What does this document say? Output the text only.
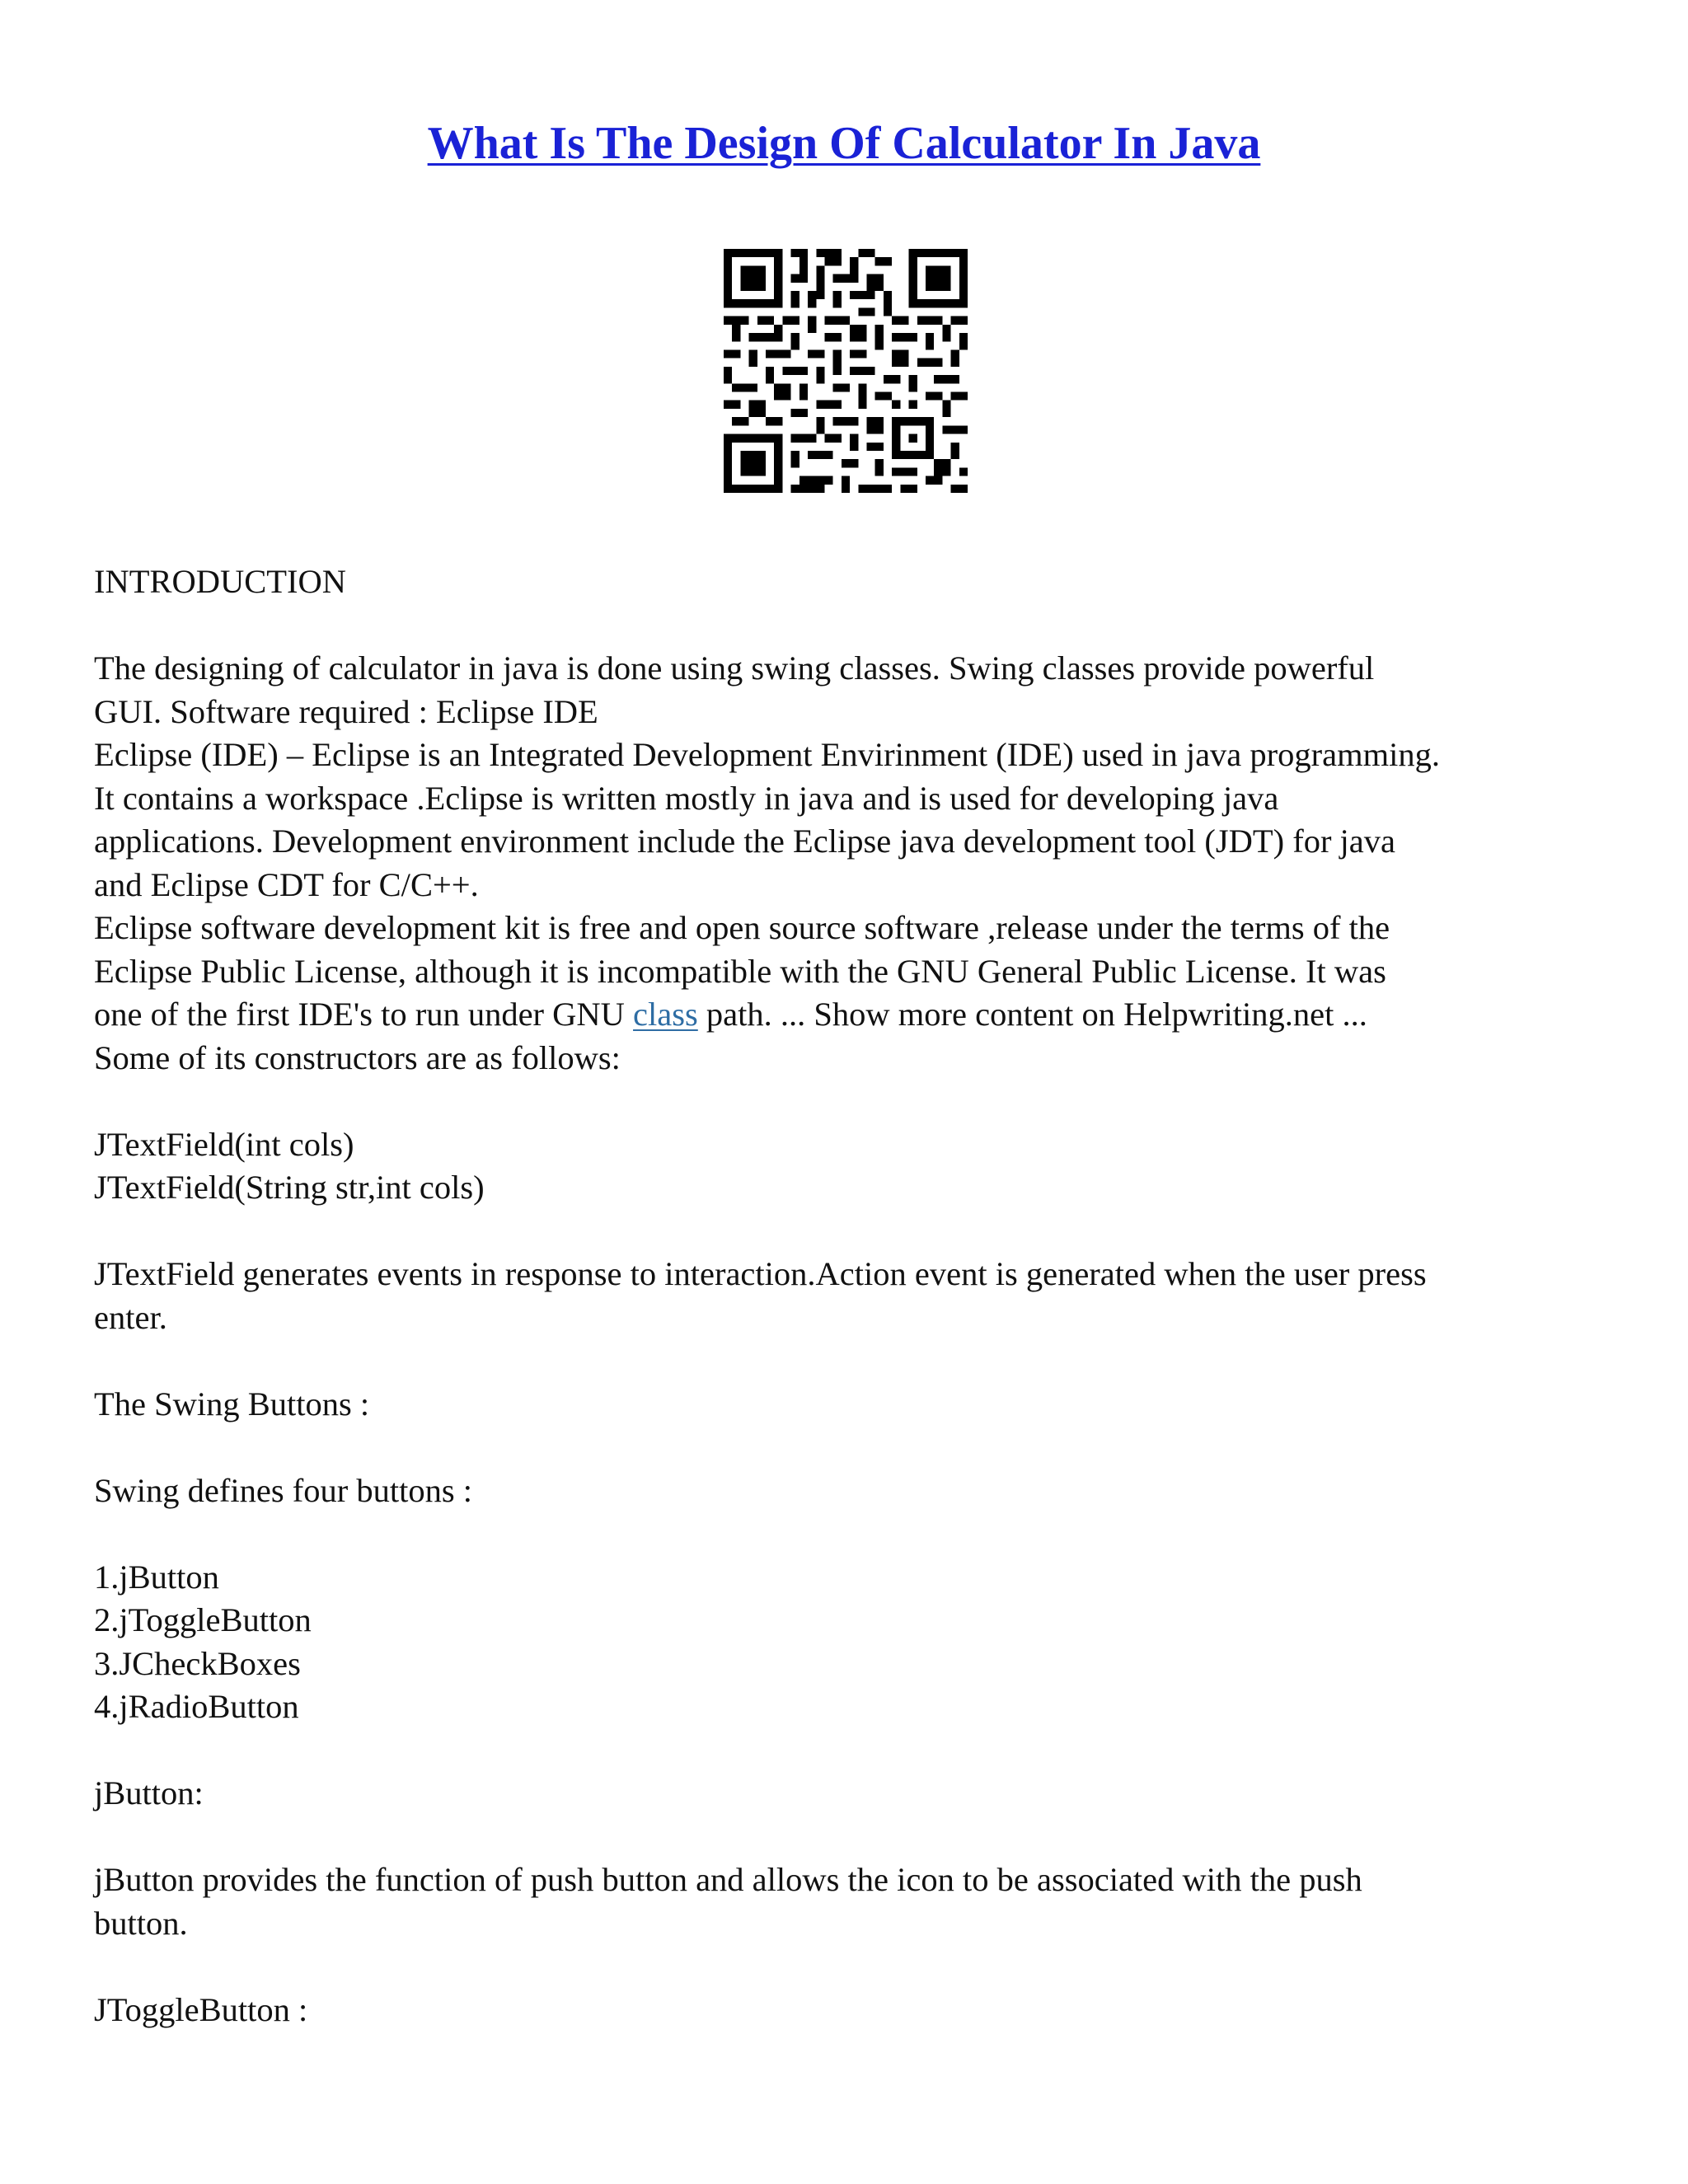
What Is The Design Of Calculator In Java

INTRODUCTION

The designing of calculator in java is done using swing classes. Swing classes provide powerful
GUI. Software required : Eclipse IDE
Eclipse (IDE) – Eclipse is an Integrated Development Envirinment (IDE) used in java programming.
It contains a workspace .Eclipse is written mostly in java and is used for developing java
applications. Development environment include the Eclipse java development tool (JDT) for java
and Eclipse CDT for C/C++.
Eclipse software development kit is free and open source software ,release under the terms of the
Eclipse Public License, although it is incompatible with the GNU General Public License. It was
one of the first IDE's to run under GNU class path. ... Show more content on Helpwriting.net ...
Some of its constructors are as follows:

JTextField(int cols)
JTextField(String str,int cols)

JTextField generates events in response to interaction.Action event is generated when the user press
enter.

The Swing Buttons :

Swing defines four buttons :

1.jButton
2.jToggleButton
3.JCheckBoxes
4.jRadioButton

jButton:

jButton provides the function of push button and allows the icon to be associated with the push
button.

JToggleButton :
